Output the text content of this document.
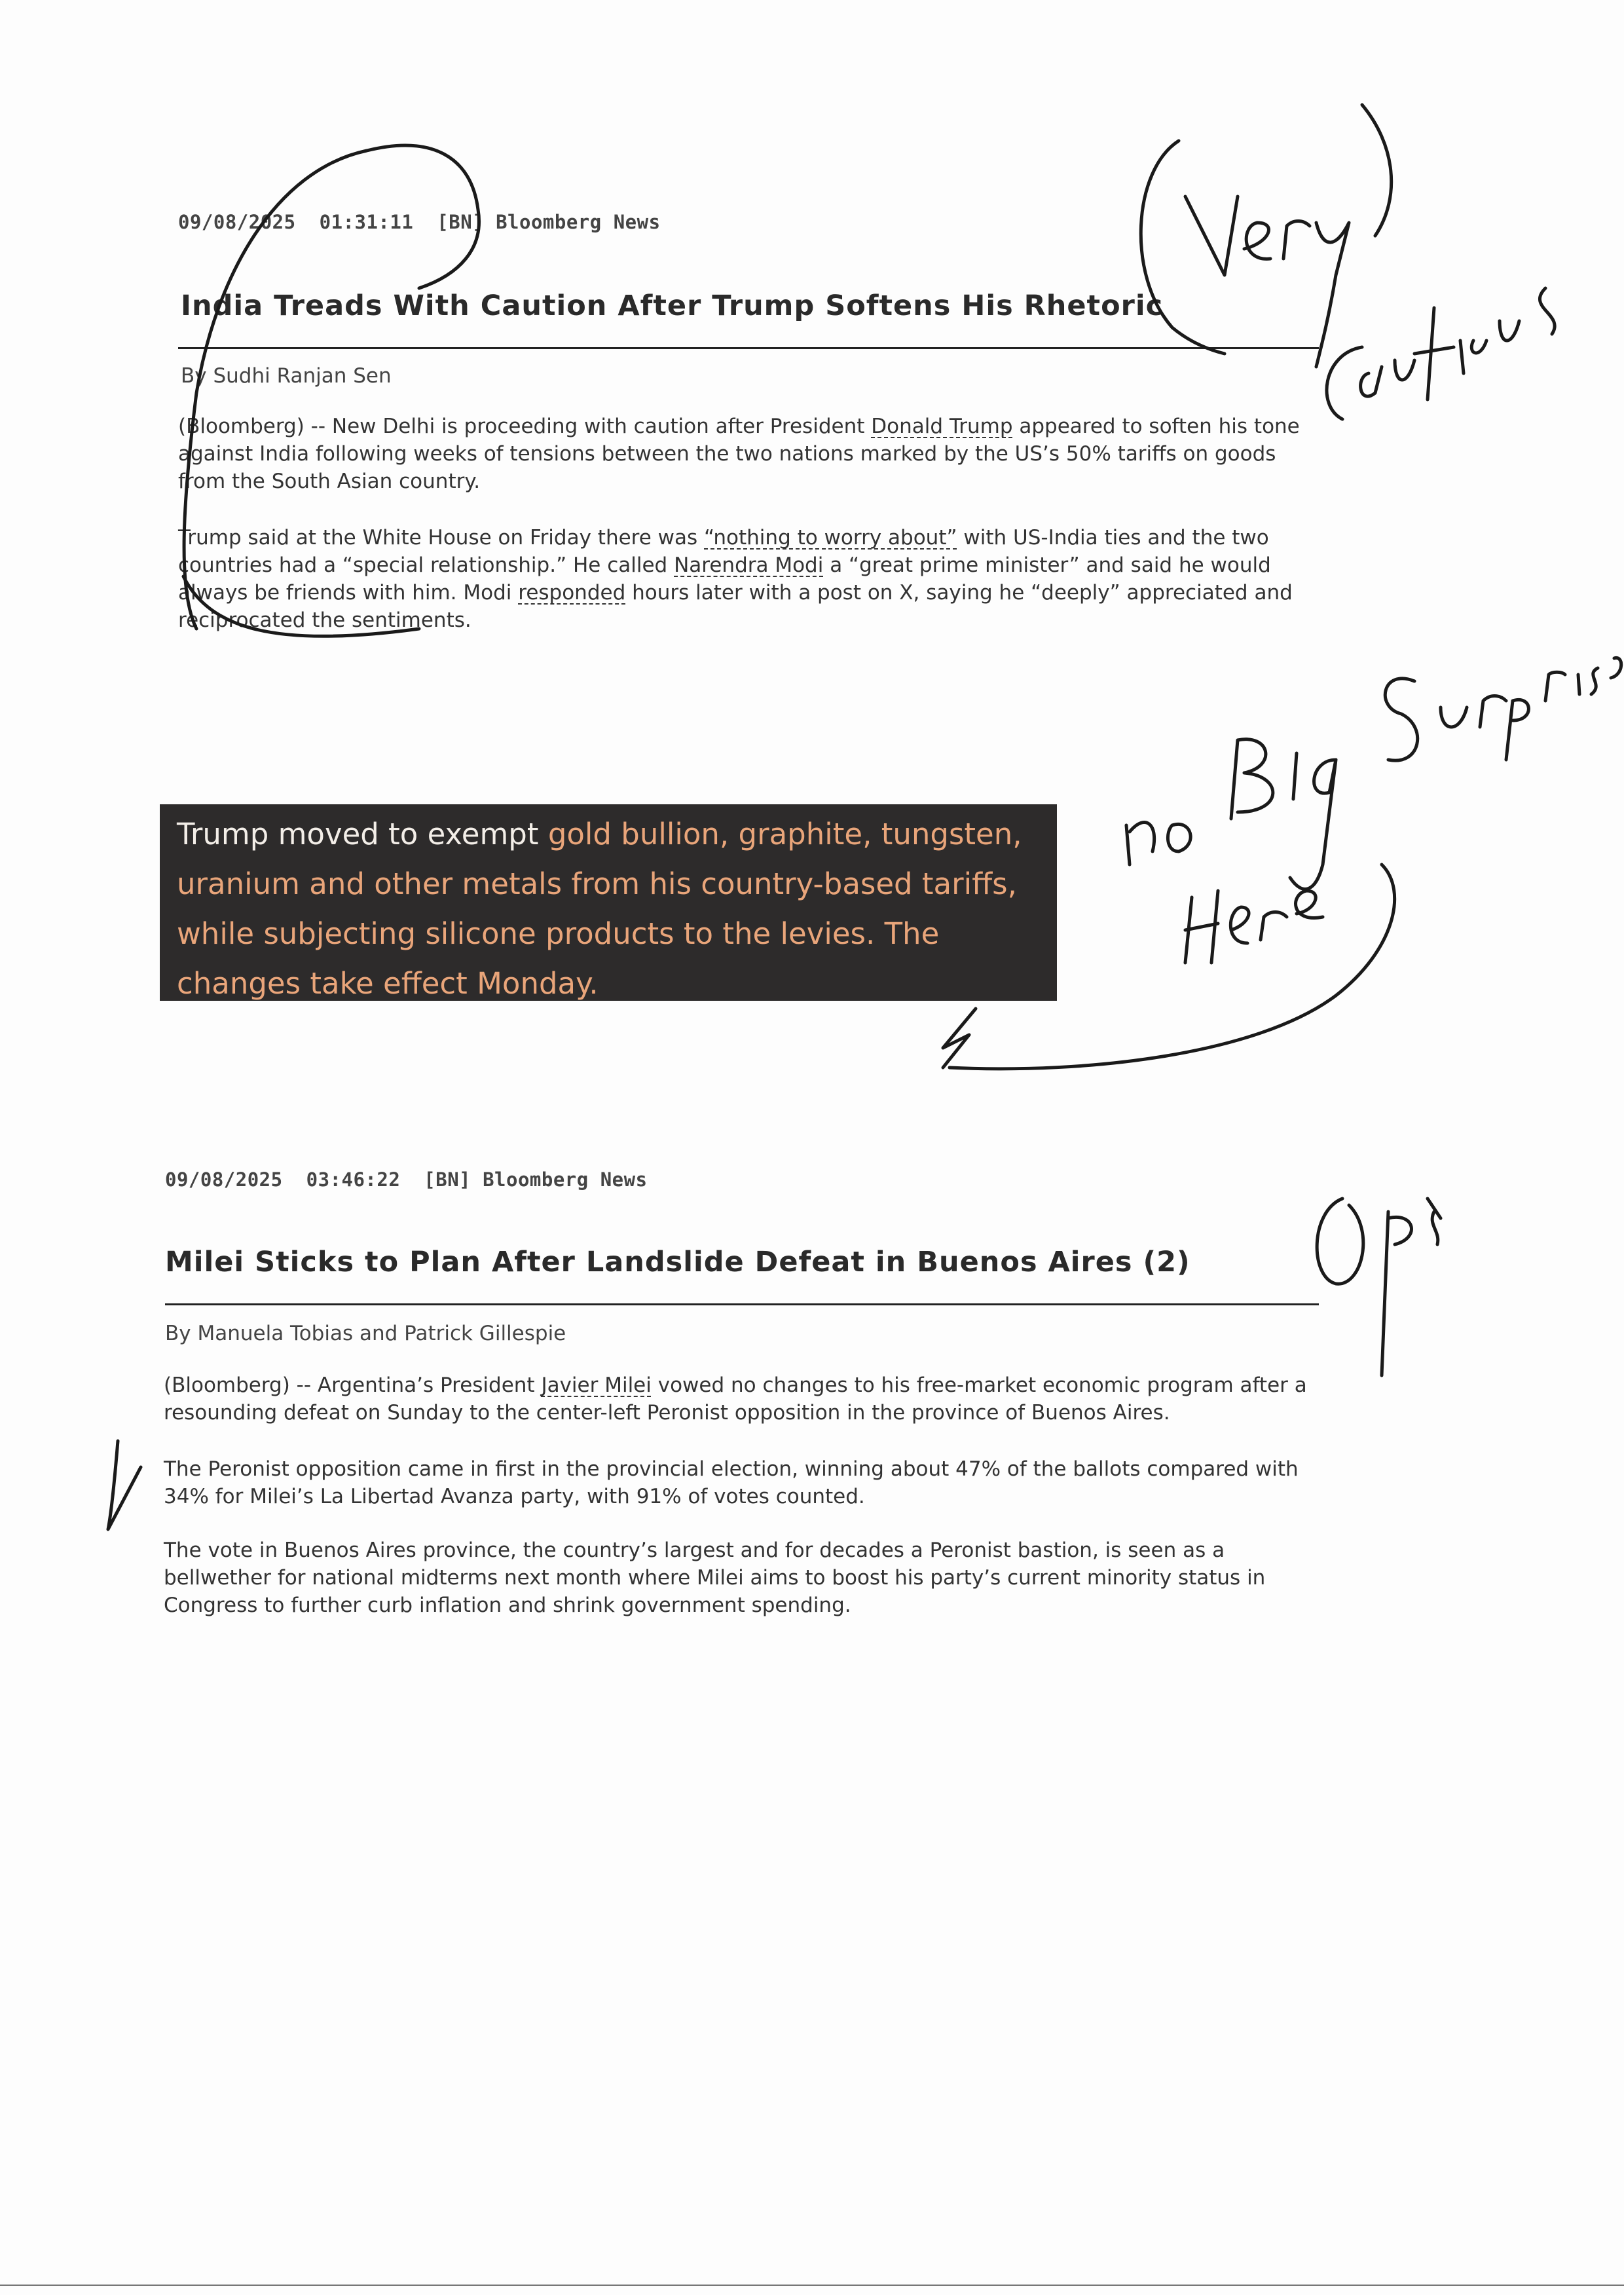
09/08/2025 01:31:11 [BN] Bloomberg News
India Treads With Caution After Trump Softens His Rhetoric
By Sudhi Ranjan Sen
(Bloomberg) -- New Delhi is proceeding with caution after President Donald Trump appeared to soften his tone against India following weeks of tensions between the two nations marked by the US’s 50% tariffs on goods from the South Asian country.
Trump said at the White House on Friday there was “nothing to worry about” with US-India ties and the two countries had a “special relationship.” He called Narendra Modi a “great prime minister” and said he would always be friends with him. Modi responded hours later with a post on X, saying he “deeply” appreciated and reciprocated the sentiments.
Trump moved to exempt gold bullion, graphite, tungsten, uranium and other metals from his country-based tariffs, while subjecting silicone products to the levies. The changes take effect Monday.
09/08/2025 03:46:22 [BN] Bloomberg News
Milei Sticks to Plan After Landslide Defeat in Buenos Aires (2)
By Manuela Tobias and Patrick Gillespie
(Bloomberg) -- Argentina’s President Javier Milei vowed no changes to his free-market economic program after a resounding defeat on Sunday to the center-left Peronist opposition in the province of Buenos Aires.
The Peronist opposition came in first in the provincial election, winning about 47% of the ballots compared with 34% for Milei’s La Libertad Avanza party, with 91% of votes counted.
The vote in Buenos Aires province, the country’s largest and for decades a Peronist bastion, is seen as a bellwether for national midterms next month where Milei aims to boost his party’s current minority status in Congress to further curb inflation and shrink government spending.
